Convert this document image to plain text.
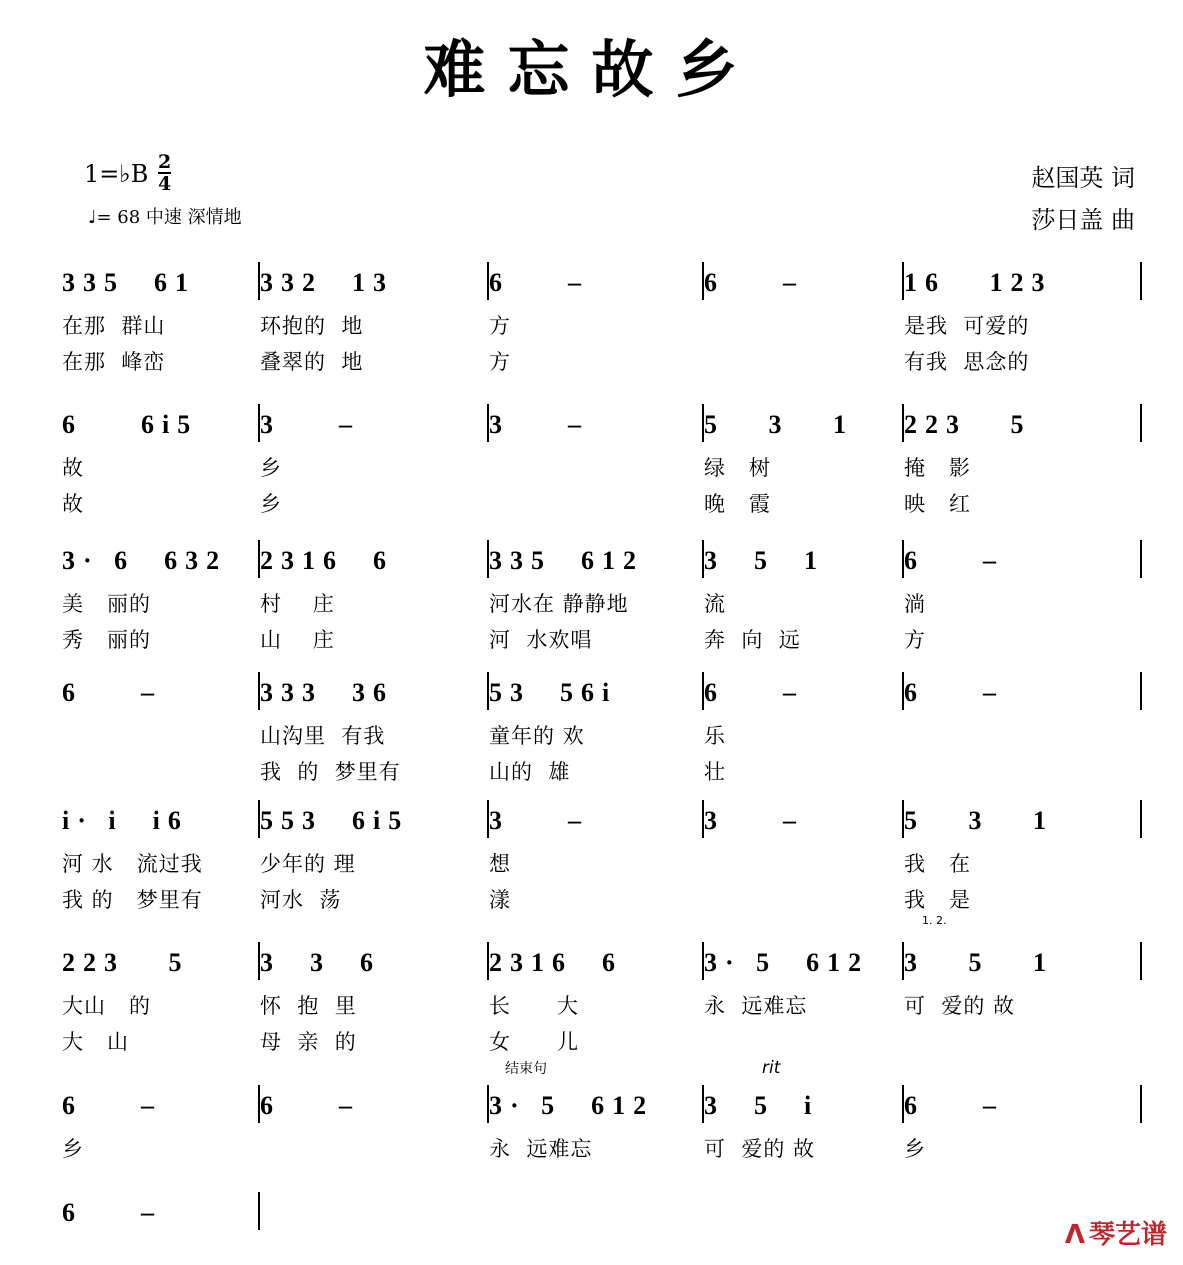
难忘故乡
1=♭B $\frac{2}{4}$
♩= 68 中速 深情地
赵国英 词
莎日盖 曲
335  61
在那  群山
在那  峰峦
332  13
环抱的  地
叠翠的  地
6    –
方
方
6    –	16   123
是我  可爱的
有我  思念的
6    6i5
故
故
3    –
乡
乡
3    –	5   3   1
绿   树
晚   霞
223   5
掩   影
映   红
3· 6  632
美   丽的
秀   丽的
2316  6
村    庄
山    庄
335  612
河水在 静静地
河  水欢唱
3  5  1
流
奔  向  远
6    –
淌
方
6    –	333  36
山沟里  有我
我  的  梦里有
53  56i
童年的 欢
山的  雄
6    –
乐
壮
6    –
i· i  i6
河 水   流过我
我 的   梦里有
553  6i5
少年的 理
河水  荡
3    –
想
漾
3    –	5   3   1
我   在
我   是
223   5
大山   的
大   山
3  3  6
怀  抱  里
母  亲  的
2316  6
长      大
女      儿
3· 5  612
永  远难忘
3   5   1
可  爱的 故
6    –
乡
6    –	3· 5  612
永  远难忘
3  5  i
可  爱的 故
6    –
乡
6    –
结束句	rit
1. 2.
ᐱ 琴艺谱
